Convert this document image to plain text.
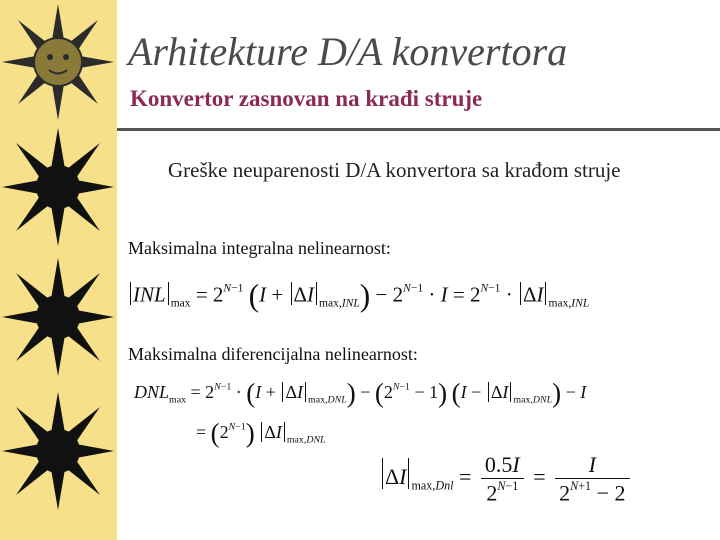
Arhitekture D/A konvertora
Konvertor zasnovan na krađi struje
Greške neuparenosti D/A konvertora sa krađom struje
Maksimalna integralna nelinearnost:
INL $_{max} = 2^{N-1}$ (I + ΔI $_{max,INL}) - 2^{N-1} \cdot I = 2^{N-1} \cdot \Delta I$ $_{max,INL}$
Maksimalna diferencijalna nelinearnost:
$DNL_{max} = 2^{N-1} \cdot (I + \Delta I$ $_{max,DNL}) - (2^{N-1} - 1) (I - \Delta I$ $_{max,DNL}$) − I
= $(2^{N-1})$ ΔI $_{max,DNL}$
ΔI $_{max,Dnl} = \frac{0.5I}{2^{N-1}} = \frac{I}{2^{N+1} - 2}$
